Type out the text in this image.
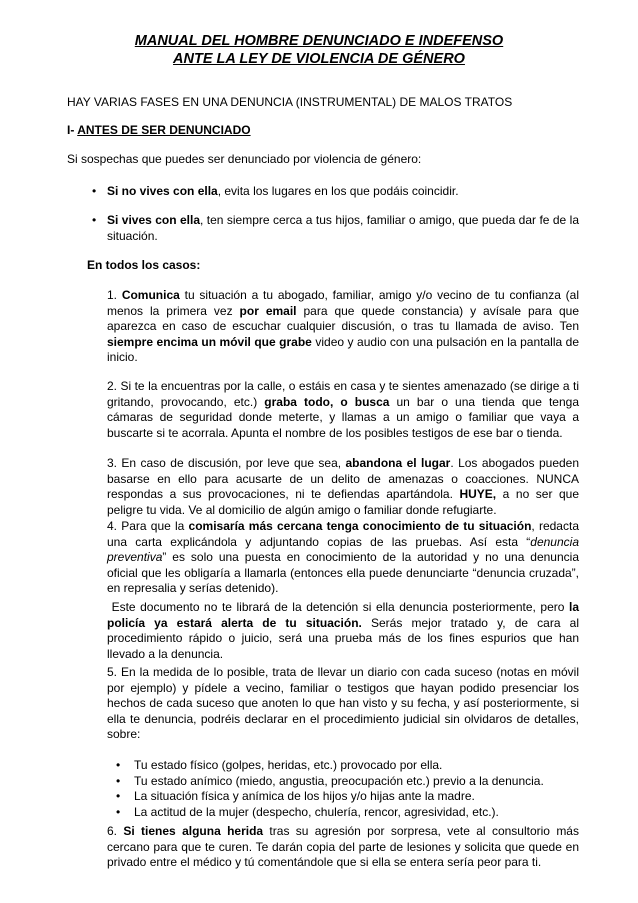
MANUAL DEL HOMBRE DENUNCIADO E INDEFENSO
ANTE LA LEY DE VIOLENCIA DE GÉNERO
HAY VARIAS FASES EN UNA DENUNCIA (INSTRUMENTAL) DE MALOS TRATOS
I- ANTES DE SER DENUNCIADO
Si sospechas que puedes ser denunciado por violencia de género:
• Si no vives con ella, evita los lugares en los que podáis coincidir.
• Si vives con ella, ten siempre cerca a tus hijos, familiar o amigo, que pueda dar fe de la situación.
En todos los casos:
1. Comunica tu situación a tu abogado, familiar, amigo y/o vecino de tu confianza (al menos la primera vez por email para que quede constancia) y avísale para que aparezca en caso de escuchar cualquier discusión, o tras tu llamada de aviso. Ten siempre encima un móvil que grabe video y audio con una pulsación en la pantalla de inicio.
2. Si te la encuentras por la calle, o estáis en casa y te sientes amenazado (se dirige a ti gritando, provocando, etc.) graba todo, o busca un bar o una tienda que tenga cámaras de seguridad donde meterte, y llamas a un amigo o familiar que vaya a buscarte si te acorrala. Apunta el nombre de los posibles testigos de ese bar o tienda.
3. En caso de discusión, por leve que sea, abandona el lugar. Los abogados pueden basarse en ello para acusarte de un delito de amenazas o coacciones. NUNCA respondas a sus provocaciones, ni te defiendas apartándola. HUYE, a no ser que peligre tu vida. Ve al domicilio de algún amigo o familiar donde refugiarte.
4. Para que la comisaría más cercana tenga conocimiento de tu situación, redacta una carta explicándola y adjuntando copias de las pruebas. Así esta “denuncia preventiva” es solo una puesta en conocimiento de la autoridad y no una denuncia oficial que les obligaría a llamarla (entonces ella puede denunciarte “denuncia cruzada”, en represalia y serías detenido).
Este documento no te librará de la detención si ella denuncia posteriormente, pero la policía ya estará alerta de tu situación. Serás mejor tratado y, de cara al procedimiento rápido o juicio, será una prueba más de los fines espurios que han llevado a la denuncia.
5. En la medida de lo posible, trata de llevar un diario con cada suceso (notas en móvil por ejemplo) y pídele a vecino, familiar o testigos que hayan podido presenciar los hechos de cada suceso que anoten lo que han visto y su fecha, y así posteriormente, si ella te denuncia, podréis declarar en el procedimiento judicial sin olvidaros de detalles, sobre:
• Tu estado físico (golpes, heridas, etc.) provocado por ella.
• Tu estado anímico (miedo, angustia, preocupación etc.) previo a la denuncia.
• La situación física y anímica de los hijos y/o hijas ante la madre.
• La actitud de la mujer (despecho, chulería, rencor, agresividad, etc.).
6. Si tienes alguna herida tras su agresión por sorpresa, vete al consultorio más cercano para que te curen. Te darán copia del parte de lesiones y solicita que quede en privado entre el médico y tú comentándole que si ella se entera sería peor para ti.
